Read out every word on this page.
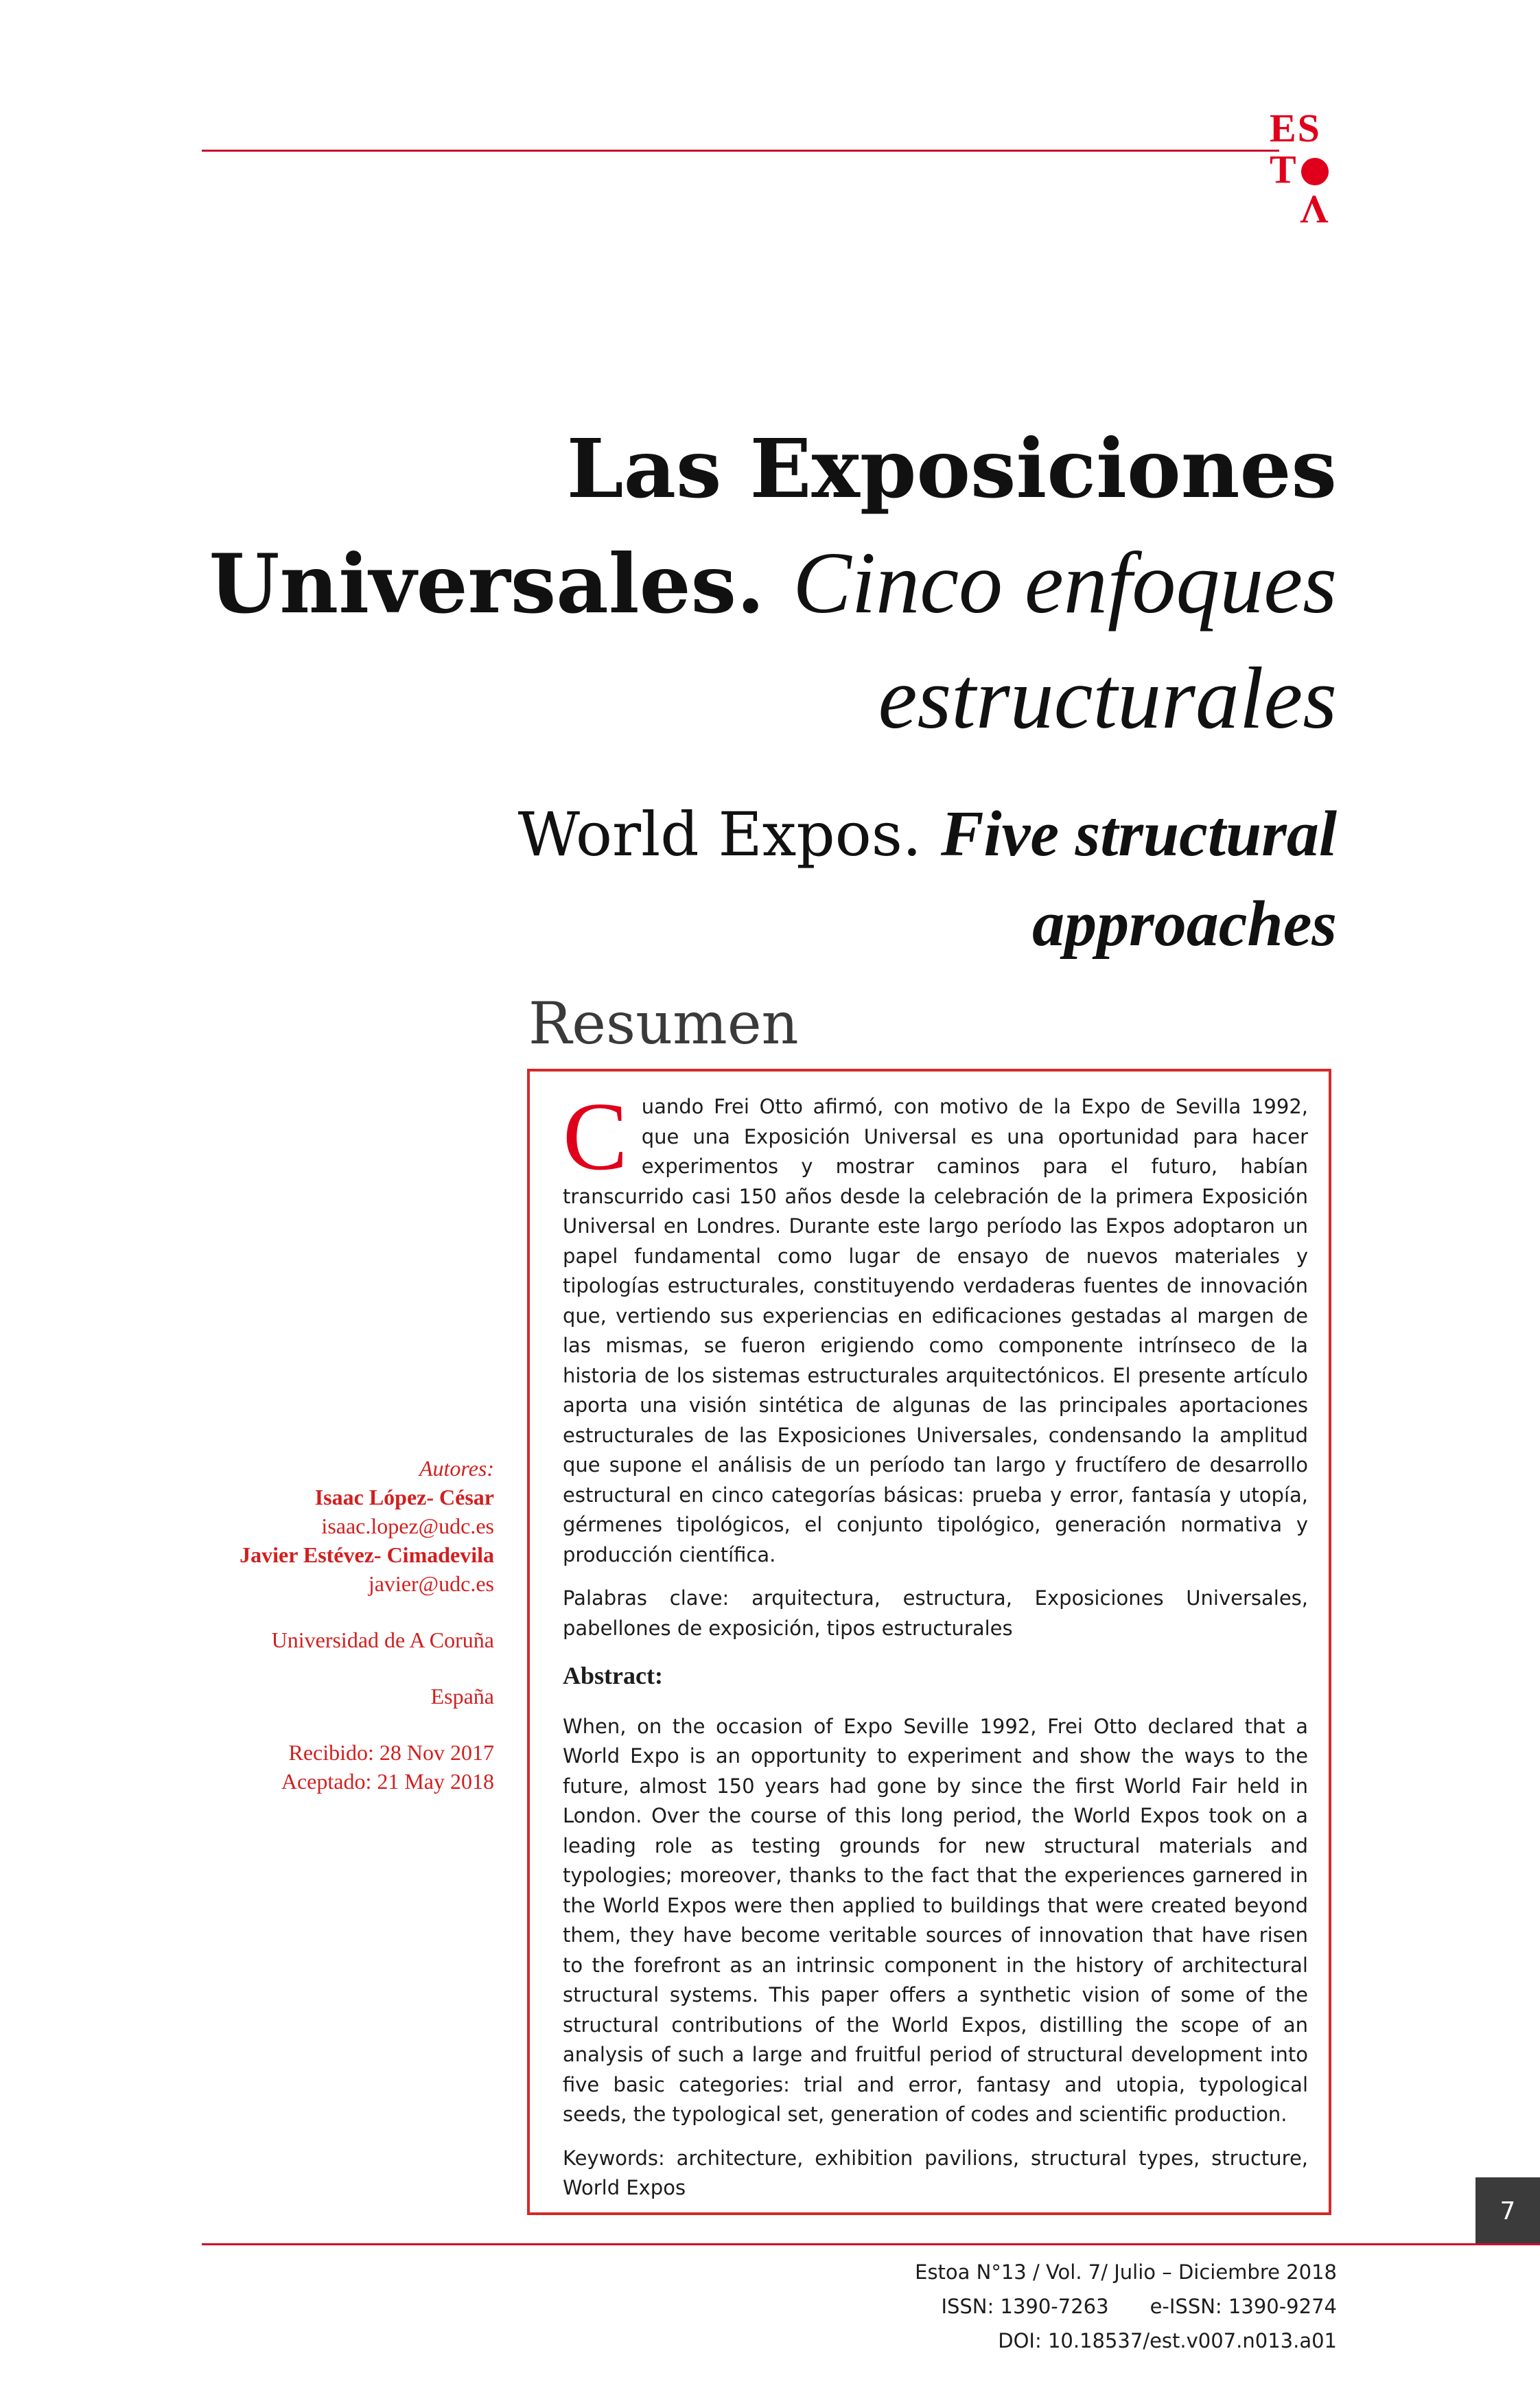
ES
T
V
Las Exposiciones
Universales. Cinco enfoques
estructurales
World Expos. Five structural
approaches
Resumen

Cuando Frei Otto afirmó, con motivo de la Expo de Sevilla 1992, que una Exposición Universal es una oportunidad para hacer experimentos y mostrar caminos para el futuro, habían transcurrido casi 150 años desde la celebración de la primera Exposición Universal en Londres. Durante este largo período las Expos adoptaron un papel fundamental como lugar de ensayo de nuevos materiales y tipologías estructurales, constituyendo verdaderas fuentes de innovación que, vertiendo sus experiencias en edificaciones gestadas al margen de las mismas, se fueron erigiendo como componente intrínseco de la historia de los sistemas estructurales arquitectónicos. El presente artículo aporta una visión sintética de algunas de las principales aportaciones estructurales de las Exposiciones Universales, condensando la amplitud que supone el análisis de un período tan largo y fructífero de desarrollo estructural en cinco categorías básicas: prueba y error, fantasía y utopía, gérmenes tipológicos, el conjunto tipológico, generación normativa y producción científica.

Palabras clave: arquitectura, estructura, Exposiciones Universales, pabellones de exposición, tipos estructurales

Abstract:

When, on the occasion of Expo Seville 1992, Frei Otto declared that a World Expo is an opportunity to experiment and show the ways to the future, almost 150 years had gone by since the first World Fair held in London. Over the course of this long period, the World Expos took on a leading role as testing grounds for new structural materials and typologies; moreover, thanks to the fact that the experiences garnered in the World Expos were then applied to buildings that were created beyond them, they have become veritable sources of innovation that have risen to the forefront as an intrinsic component in the history of architectural structural systems. This paper offers a synthetic vision of some of the structural contributions of the World Expos, distilling the scope of an analysis of such a large and fruitful period of structural development into five basic categories: trial and error, fantasy and utopia, typological seeds, the typological set, generation of codes and scientific production.

Keywords: architecture, exhibition pavilions, structural types, structure, World Expos

Autores:
Isaac López- César
isaac.lopez@udc.es
Javier Estévez- Cimadevila
javier@udc.es
Universidad de A Coruña
España
Recibido: 28 Nov 2017
Aceptado: 21 May 2018
7
Estoa N°13 / Vol. 7/ Julio – Diciembre 2018
ISSN: 1390-7263 e-ISSN: 1390-9274
DOI: 10.18537/est.v007.n013.a01
